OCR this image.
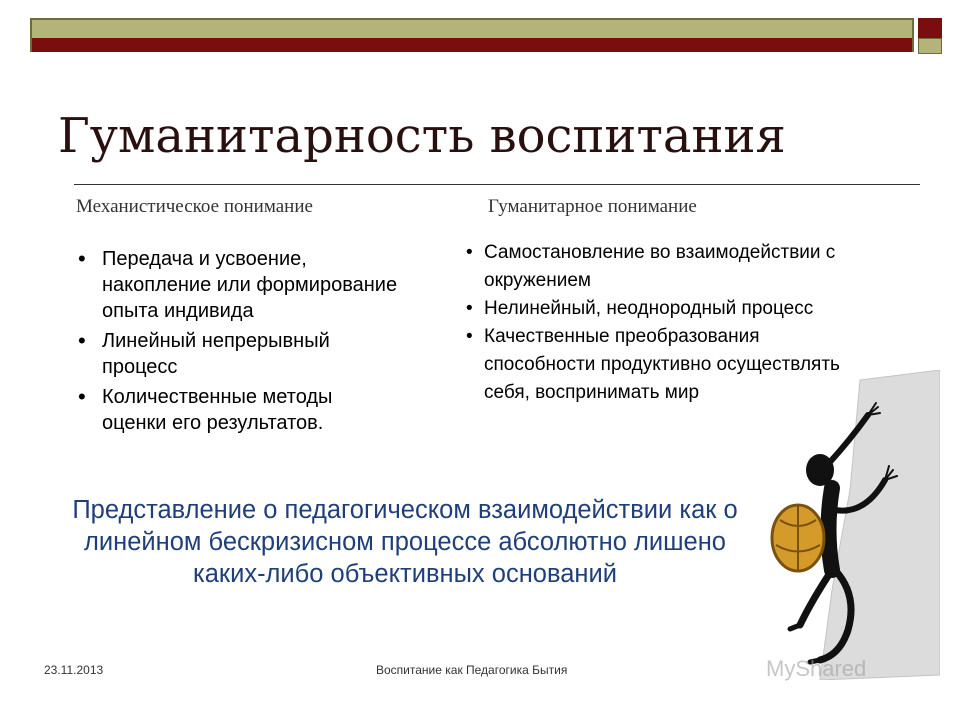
Гуманитарность воспитания
Механистическое понимание	Гуманитарное понимание
• Передача и усвоение, накопление или формирование опыта индивида
• Линейный непрерывный процесс
• Количественные методы оценки его результатов.
• Самостановление во взаимодействии с окружением
• Нелинейный, неоднородный процесс
• Качественные преобразования способности продуктивно осуществлять себя, воспринимать мир

Представление о педагогическом взаимодействии как о линейном бескризисном процессе абсолютно лишено каких-либо объективных оснований

23.11.2013	Воспитание как Педагогика Бытия	MyShared
